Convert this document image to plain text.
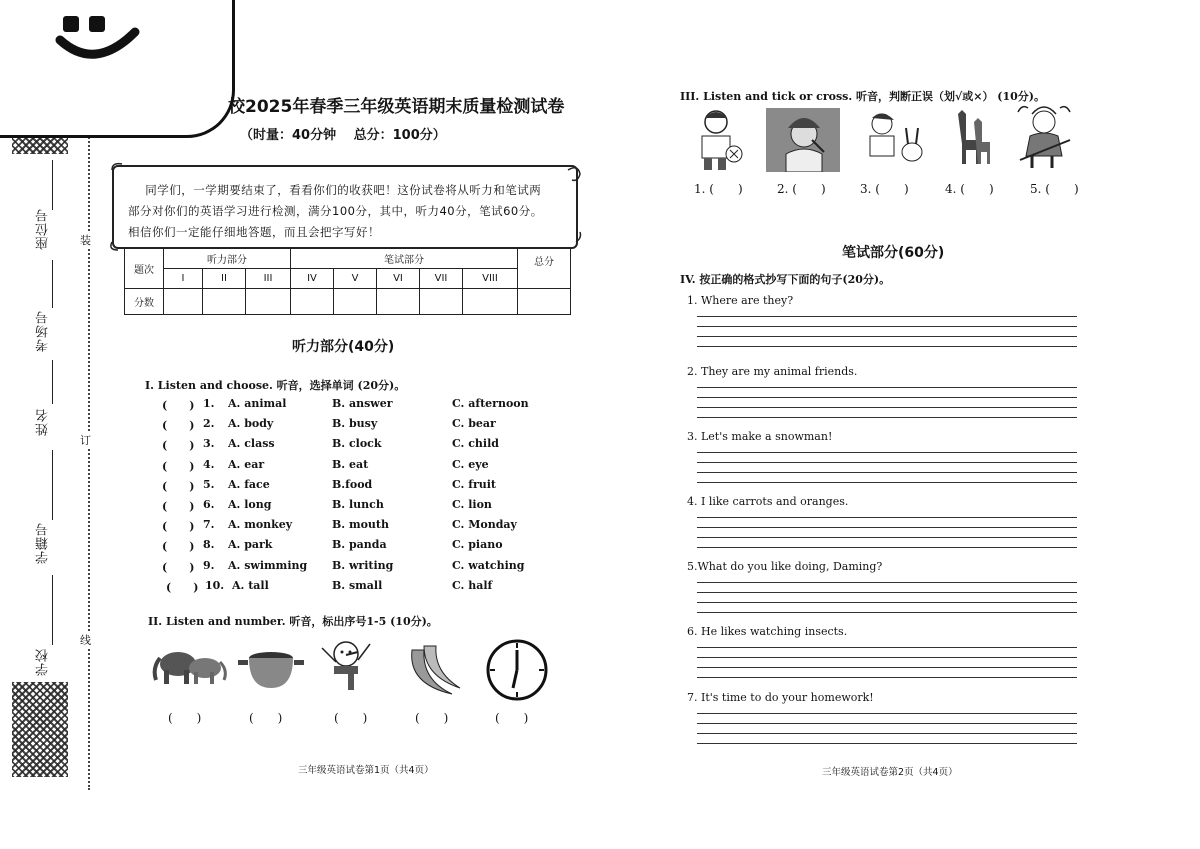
装
订
线
座位号
考场号
姓名
学籍号
学校
校2025年春季三年级英语期末质量检测试卷
（时量：40分钟　 总分：100分）
同学们，一学期要结束了，看看你们的收获吧！这份试卷将从听力和笔试两
部分对你们的英语学习进行检测，满分100分，其中，听力40分，笔试60分。
相信你们一定能仔细地答题，而且会把字写好！
题次	听力部分			笔试部分					总分
	I	II	III	IV	V	VI	VII	VIII	
分数									
听力部分(40分)
I. Listen and choose. 听音，选择单词 (20分)。
(　　) 1. A. animal	B. answer	C. afternoon
(　　) 2. A. body	B. busy	C. bear
(　　) 3. A. class	B. clock	C. child
(　　) 4. A. ear	B. eat	C. eye
(　　) 5. A. face	B.food	C. fruit
(　　) 6. A. long	B. lunch	C. lion
(　　) 7. A. monkey	B. mouth	C. Monday
(　　) 8. A. park	B. panda	C. piano
(　　) 9. A. swimming B. writing	C. watching
(　　) 10. A. tall	B. small	C. half
II. Listen and number. 听音，标出序号1-5 (10分)。
(　　)	(　　)	(　　)	(　　)	(　　)
三年级英语试卷第1页（共4页）
III. Listen and tick or cross. 听音，判断正误（划√或×） (10分)。
1. (　　)	2. (　　)	3. (　　)	4. (　　)	5. (　　)
笔试部分(60分)
IV. 按正确的格式抄写下面的句子(20分)。
1. Where are they?
2. They are my animal friends.
3. Let's make a snowman!
4. I like carrots and oranges.
5.What do you like doing, Daming?
6. He likes watching insects.
7. It's time to do your homework!
三年级英语试卷第2页（共4页）
